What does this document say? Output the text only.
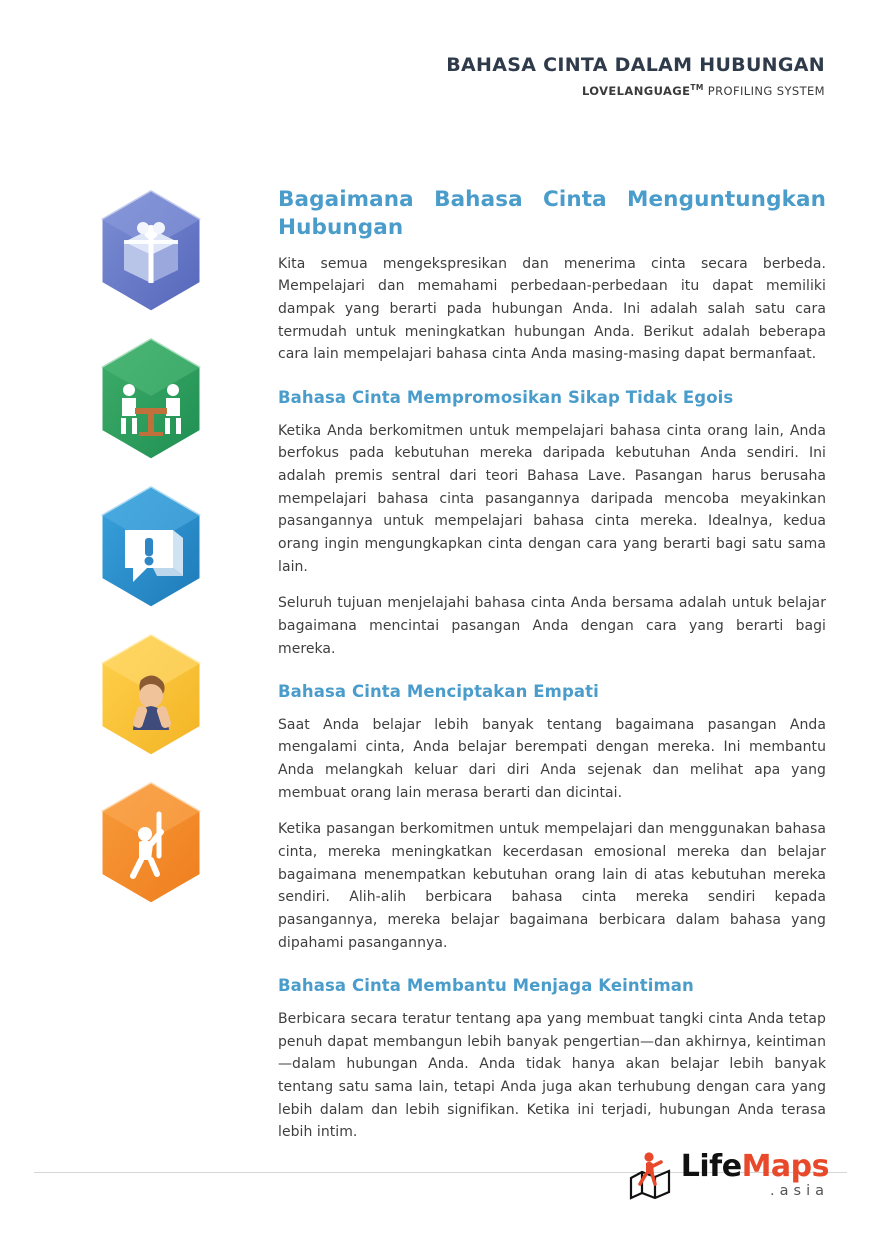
BAHASA CINTA DALAM HUBUNGAN
LOVELANGUAGE™ PROFILING SYSTEM
Bagaimana Bahasa Cinta Menguntungkan Hubungan

Kita semua mengekspresikan dan menerima cinta secara berbeda. Mempelajari dan memahami perbedaan-perbedaan itu dapat memiliki dampak yang berarti pada hubungan Anda. Ini adalah salah satu cara termudah untuk meningkatkan hubungan Anda. Berikut adalah beberapa cara lain mempelajari bahasa cinta Anda masing-masing dapat bermanfaat.

Bahasa Cinta Mempromosikan Sikap Tidak Egois

Ketika Anda berkomitmen untuk mempelajari bahasa cinta orang lain, Anda berfokus pada kebutuhan mereka daripada kebutuhan Anda sendiri. Ini adalah premis sentral dari teori Bahasa Lave. Pasangan harus berusaha mempelajari bahasa cinta pasangannya daripada mencoba meyakinkan pasangannya untuk mempelajari bahasa cinta mereka. Idealnya, kedua orang ingin mengungkapkan cinta dengan cara yang berarti bagi satu sama lain.

Seluruh tujuan menjelajahi bahasa cinta Anda bersama adalah untuk belajar bagaimana mencintai pasangan Anda dengan cara yang berarti bagi mereka.

Bahasa Cinta Menciptakan Empati

Saat Anda belajar lebih banyak tentang bagaimana pasangan Anda mengalami cinta, Anda belajar berempati dengan mereka. Ini membantu Anda melangkah keluar dari diri Anda sejenak dan melihat apa yang membuat orang lain merasa berarti dan dicintai.

Ketika pasangan berkomitmen untuk mempelajari dan menggunakan bahasa cinta, mereka meningkatkan kecerdasan emosional mereka dan belajar bagaimana menempatkan kebutuhan orang lain di atas kebutuhan mereka sendiri. Alih-alih berbicara bahasa cinta mereka sendiri kepada pasangannya, mereka belajar bagaimana berbicara dalam bahasa yang dipahami pasangannya.

Bahasa Cinta Membantu Menjaga Keintiman

Berbicara secara teratur tentang apa yang membuat tangki cinta Anda tetap penuh dapat membangun lebih banyak pengertian—dan akhirnya, keintiman—dalam hubungan Anda. Anda tidak hanya akan belajar lebih banyak tentang satu sama lain, tetapi Anda juga akan terhubung dengan cara yang lebih dalam dan lebih signifikan. Ketika ini terjadi, hubungan Anda terasa lebih intim.

LifeMaps
.asia
